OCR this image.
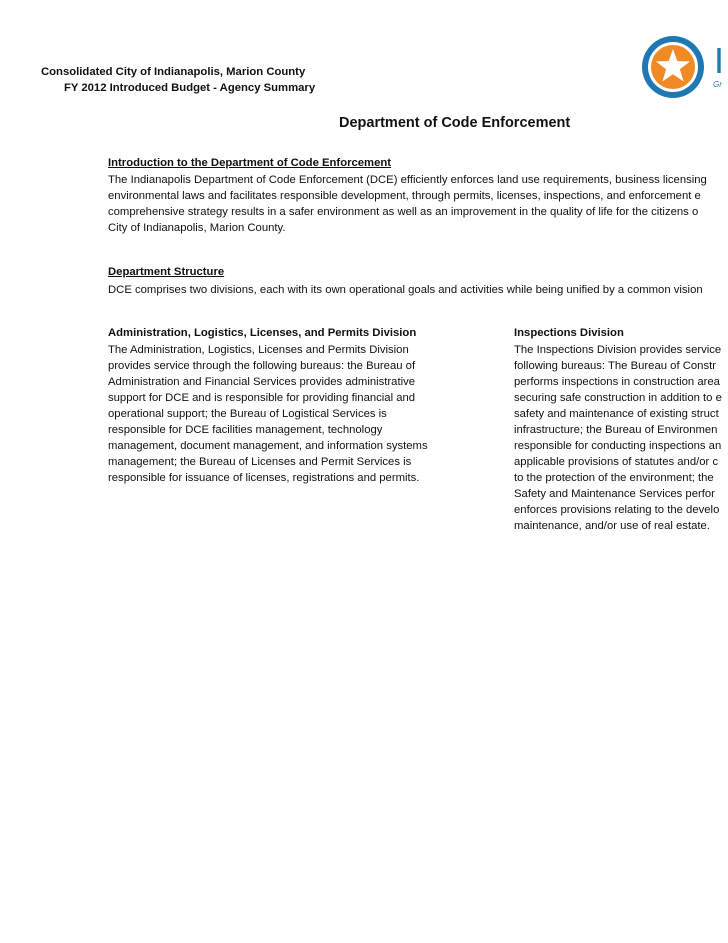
Consolidated City of Indianapolis, Marion County
FY 2012 Introduced Budget - Agency Summary
I
Gr
Department of Code Enforcement
Introduction to the Department of Code Enforcement
The Indianapolis Department of Code Enforcement (DCE) efficiently enforces land use requirements, business licensing
environmental laws and facilitates responsible development, through permits, licenses, inspections, and enforcement e
comprehensive strategy results in a safer environment as well as an improvement in the quality of life for the citizens o
City of Indianapolis, Marion County.
Department Structure
DCE comprises two divisions, each with its own operational goals and activities while being unified by a common vision
Administration, Logistics, Licenses, and Permits Division
The Administration, Logistics, Licenses and Permits Division
provides service through the following bureaus: the Bureau of
Administration and Financial Services provides administrative
support for DCE and is responsible for providing financial and
operational support; the Bureau of Logistical Services is
responsible for DCE facilities management, technology
management, document management, and information systems
management; the Bureau of Licenses and Permit Services is
responsible for issuance of licenses, registrations and permits.
Inspections Division
The Inspections Division provides service
following bureaus: The Bureau of Constr
performs inspections in construction area
securing safe construction in addition to e
safety and maintenance of existing struct
infrastructure; the Bureau of Environmen
responsible for conducting inspections an
applicable provisions of statutes and/or c
to the protection of the environment; the
Safety and Maintenance Services perfor
enforces provisions relating to the develo
maintenance, and/or use of real estate.
